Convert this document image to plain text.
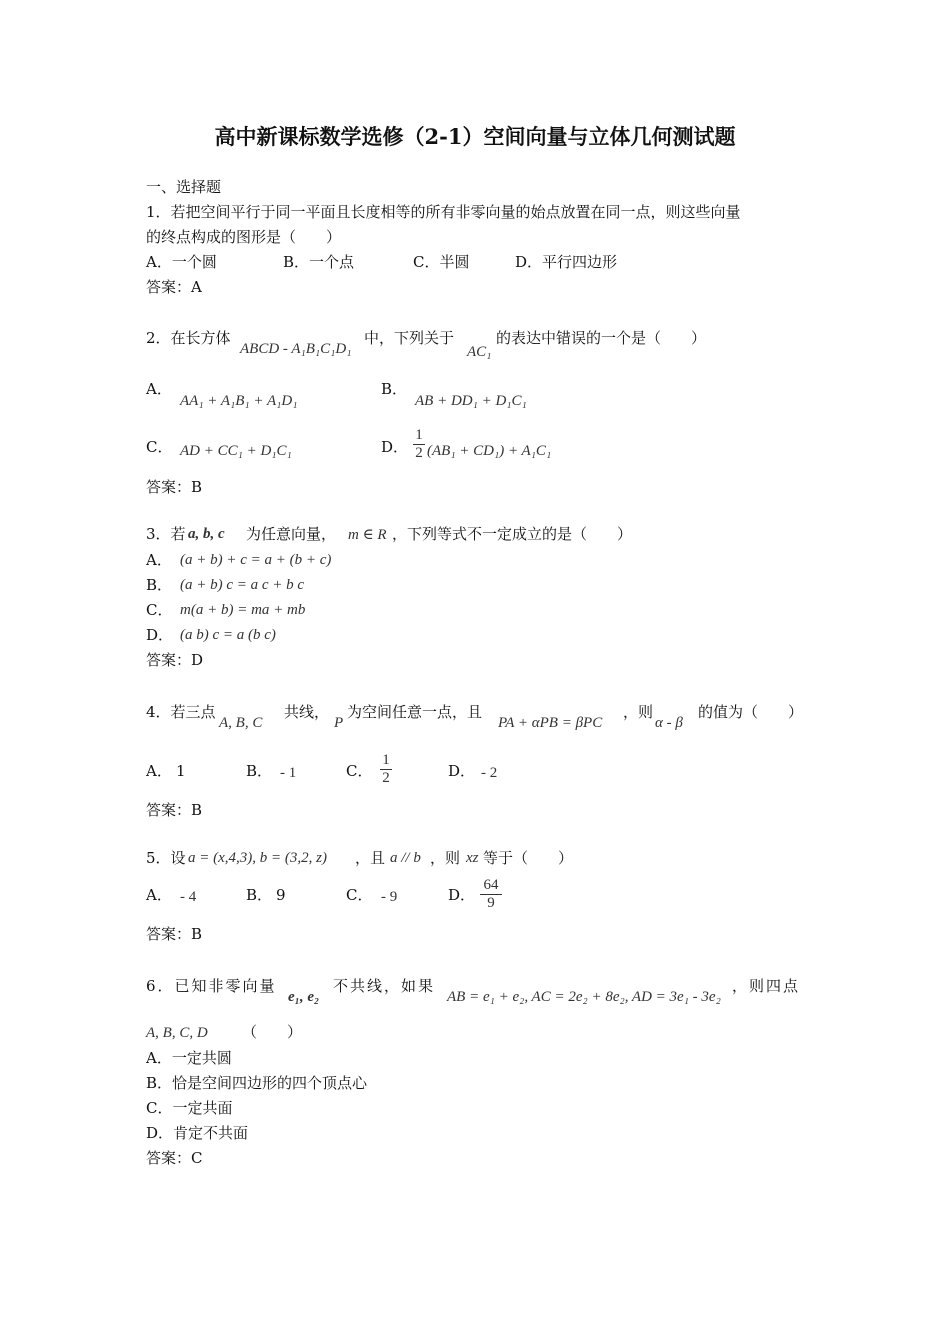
高中新课标数学选修（2-1）空间向量与立体几何测试题
一、选择题
1．若把空间平行于同一平面且长度相等的所有非零向量的始点放置在同一点，则这些向量
的终点构成的图形是（　　）
A．一个圆	B．一个点	C．半圆	D．平行四边形
答案：A
2．在长方体
ABCD - A₁B₁C₁D₁
中，下列关于
AC₁
的表达中错误的一个是（　　）
A．
AA₁ + A₁B₁ + A₁D₁
B．
AB + DD₁ + D₁C₁
C． AD + CC₁ + D₁C₁	D．
1
2 (AB₁ + CD₁) + A₁C₁
答案：B
3．若 a, b, c 为任意向量， m ∈ R ，下列等式不一定成立的是（　　）
A． (a + b) + c = a + (b + c)
B． (a + b) c = a c + b c
C． m(a + b) = ma + mb
D． (a b) c = a (b c)
答案：D
4．若三点
A, B, C
共线，
P
为空间任意一点，且
PA + αPB = βPC
，则
α - β
的值为（　　）
A． 1	B． - 1	C．
1
2	D． - 2
答案：B
5．设 a = (x,4,3), b = (3,2, z) ，且 a // b ，则 xz 等于（　　）
A． - 4	B． 9	C． - 9	D．
64
9
答案：B
6．已知非零向量
e₁, e₂
不共线，如果
AB = e₁ + e₂, AC = 2e₂ + 8e₂, AD = 3e₁ - 3e₂
，则四点
A, B, C, D （　　）
A．一定共圆
B．恰是空间四边形的四个顶点心
C．一定共面
D．肯定不共面
答案：C
